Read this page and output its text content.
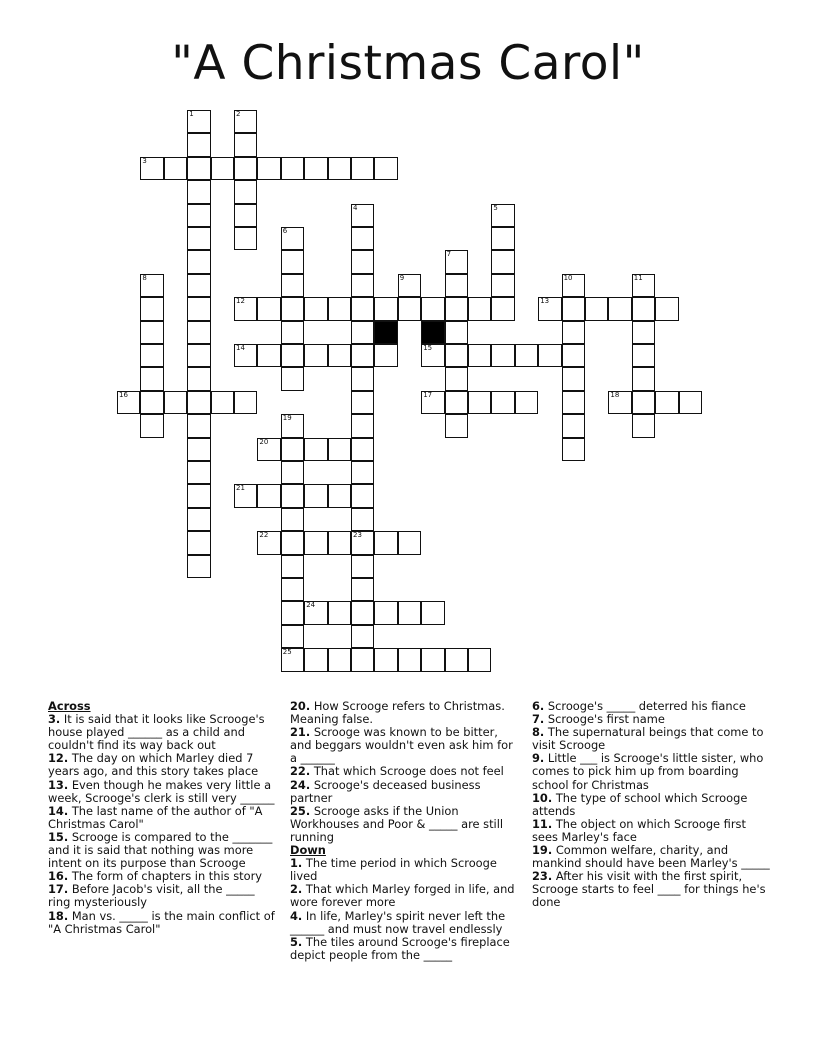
"A Christmas Carol"
3
12	13
14	15
16	17	18
20
21
22	23
24
25
1	2
4	5
6
7
8	10	11
9
19
Across

3. It is said that it looks like Scrooge's house played ______ as a child and couldn't find its way back out

12. The day on which Marley died 7 years ago, and this story takes place

13. Even though he makes very little a week, Scrooge's clerk is still very ______

14. The last name of the author of "A Christmas Carol"

15. Scrooge is compared to the _______ and it is said that nothing was more intent on its purpose than Scrooge

16. The form of chapters in this story

17. Before Jacob's visit, all the _____ ring mysteriously

18. Man vs. _____ is the main conflict of "A Christmas Carol"

20. How Scrooge refers to Christmas. Meaning false.

21. Scrooge was known to be bitter, and beggars wouldn't even ask him for a ______

22. That which Scrooge does not feel

24. Scrooge's deceased business partner

25. Scrooge asks if the Union Workhouses and Poor & _____ are still running

Down

1. The time period in which Scrooge lived

2. That which Marley forged in life, and wore forever more

4. In life, Marley's spirit never left the ______ and must now travel endlessly

5. The tiles around Scrooge's fireplace depict people from the _____

6. Scrooge's _____ deterred his fiance

7. Scrooge's first name

8. The supernatural beings that come to visit Scrooge

9. Little ___ is Scrooge's little sister, who comes to pick him up from boarding school for Christmas

10. The type of school which Scrooge attends

11. The object on which Scrooge first sees Marley's face

19. Common welfare, charity, and mankind should have been Marley's _____

23. After his visit with the first spirit, Scrooge starts to feel ____ for things he's done
